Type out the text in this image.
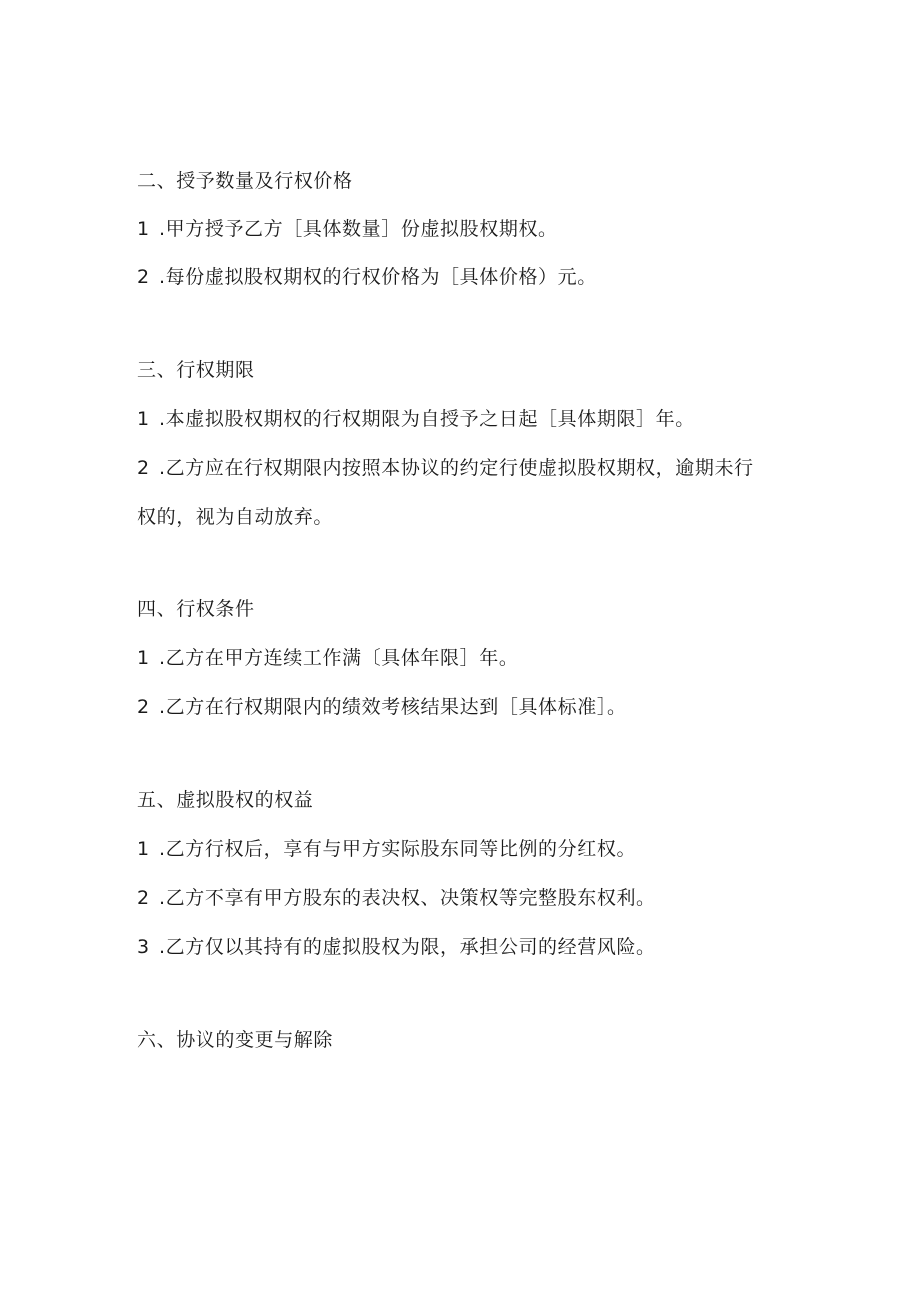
二、授予数量及行权价格
1 .甲方授予乙方［具体数量］份虚拟股权期权。
2 .每份虚拟股权期权的行权价格为［具体价格）元。
三、行权期限
1 .本虚拟股权期权的行权期限为自授予之日起［具体期限］年。
2 .乙方应在行权期限内按照本协议的约定行使虚拟股权期权，逾期未行
权的，视为自动放弃。
四、行权条件
1 .乙方在甲方连续工作满〔具体年限］年。
2 .乙方在行权期限内的绩效考核结果达到［具体标准］。
五、虚拟股权的权益
1 .乙方行权后，享有与甲方实际股东同等比例的分红权。
2 .乙方不享有甲方股东的表决权、决策权等完整股东权利。
3 .乙方仅以其持有的虚拟股权为限，承担公司的经营风险。
六、协议的变更与解除
